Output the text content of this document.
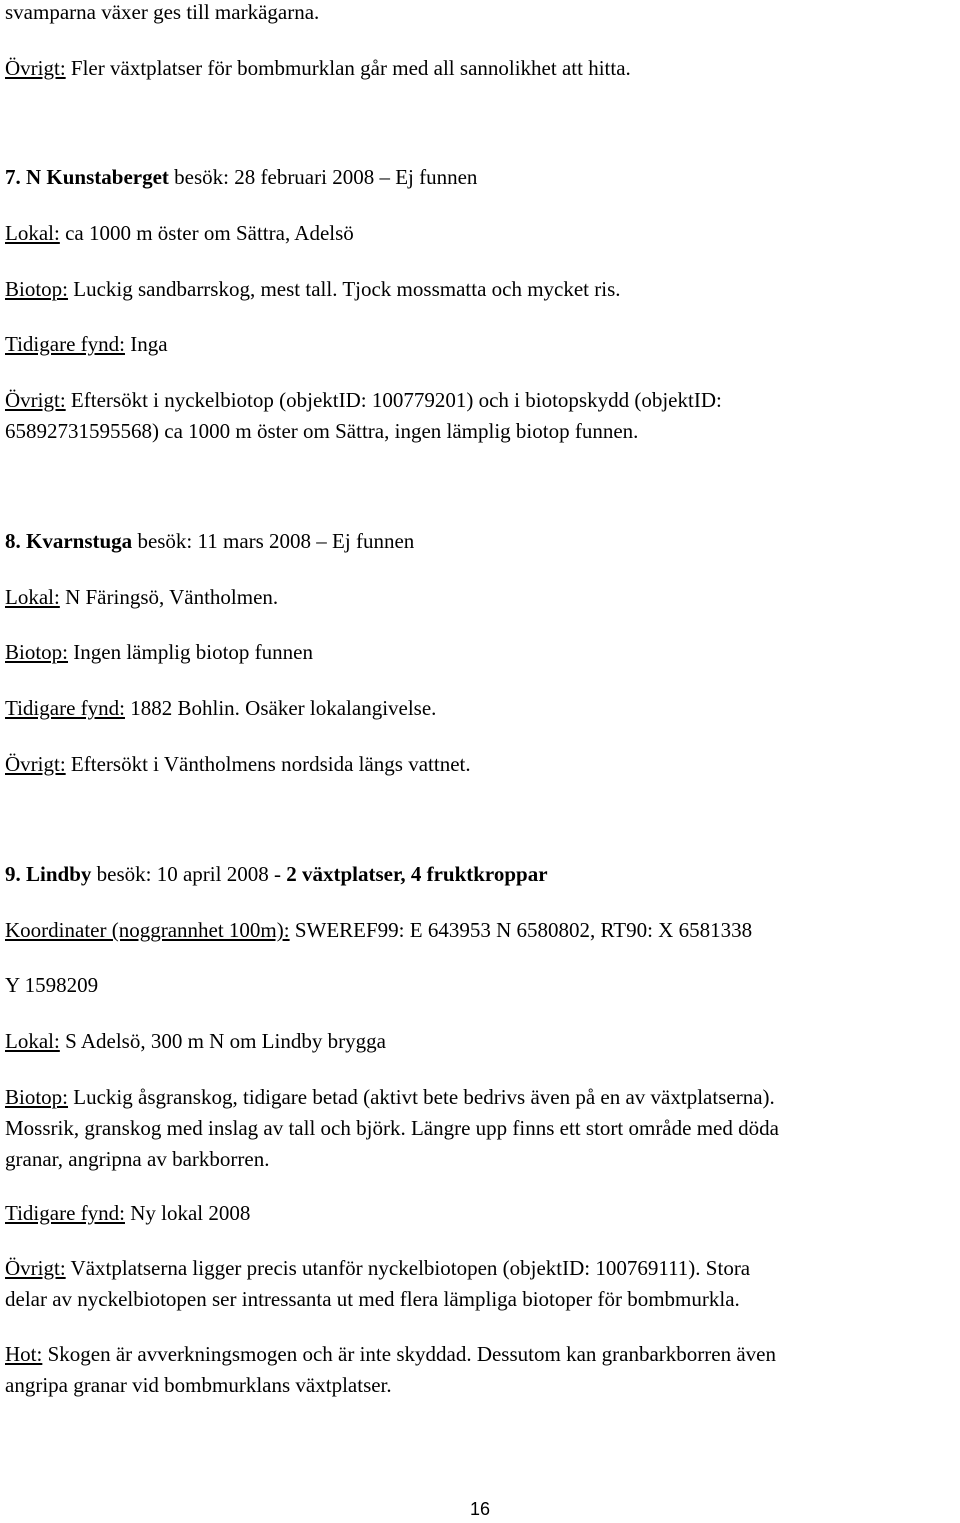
svamparna växer ges till markägarna.
Övrigt: Fler växtplatser för bombmurklan går med all sannolikhet att hitta.
7. N Kunstaberget besök: 28 februari 2008 – Ej funnen
Lokal: ca 1000 m öster om Sättra, Adelsö
Biotop: Luckig sandbarrskog, mest tall. Tjock mossmatta och mycket ris.
Tidigare fynd: Inga
Övrigt: Eftersökt i nyckelbiotop (objektID: 100779201) och i biotopskydd (objektID:
65892731595568) ca 1000 m öster om Sättra, ingen lämplig biotop funnen.
8. Kvarnstuga besök: 11 mars 2008 – Ej funnen
Lokal: N Färingsö, Väntholmen.
Biotop: Ingen lämplig biotop funnen
Tidigare fynd: 1882 Bohlin. Osäker lokalangivelse.
Övrigt: Eftersökt i Väntholmens nordsida längs vattnet.
9. Lindby besök: 10 april 2008 - 2 växtplatser, 4 fruktkroppar
Koordinater (noggrannhet 100m): SWEREF99: E 643953 N 6580802, RT90: X 6581338
Y 1598209
Lokal: S Adelsö, 300 m N om Lindby brygga
Biotop: Luckig åsgranskog, tidigare betad (aktivt bete bedrivs även på en av växtplatserna).
Mossrik, granskog med inslag av tall och björk. Längre upp finns ett stort område med döda
granar, angripna av barkborren.
Tidigare fynd: Ny lokal 2008
Övrigt: Växtplatserna ligger precis utanför nyckelbiotopen (objektID: 100769111). Stora
delar av nyckelbiotopen ser intressanta ut med flera lämpliga biotoper för bombmurkla.
Hot: Skogen är avverkningsmogen och är inte skyddad. Dessutom kan granbarkborren även
angripa granar vid bombmurklans växtplatser.
16
